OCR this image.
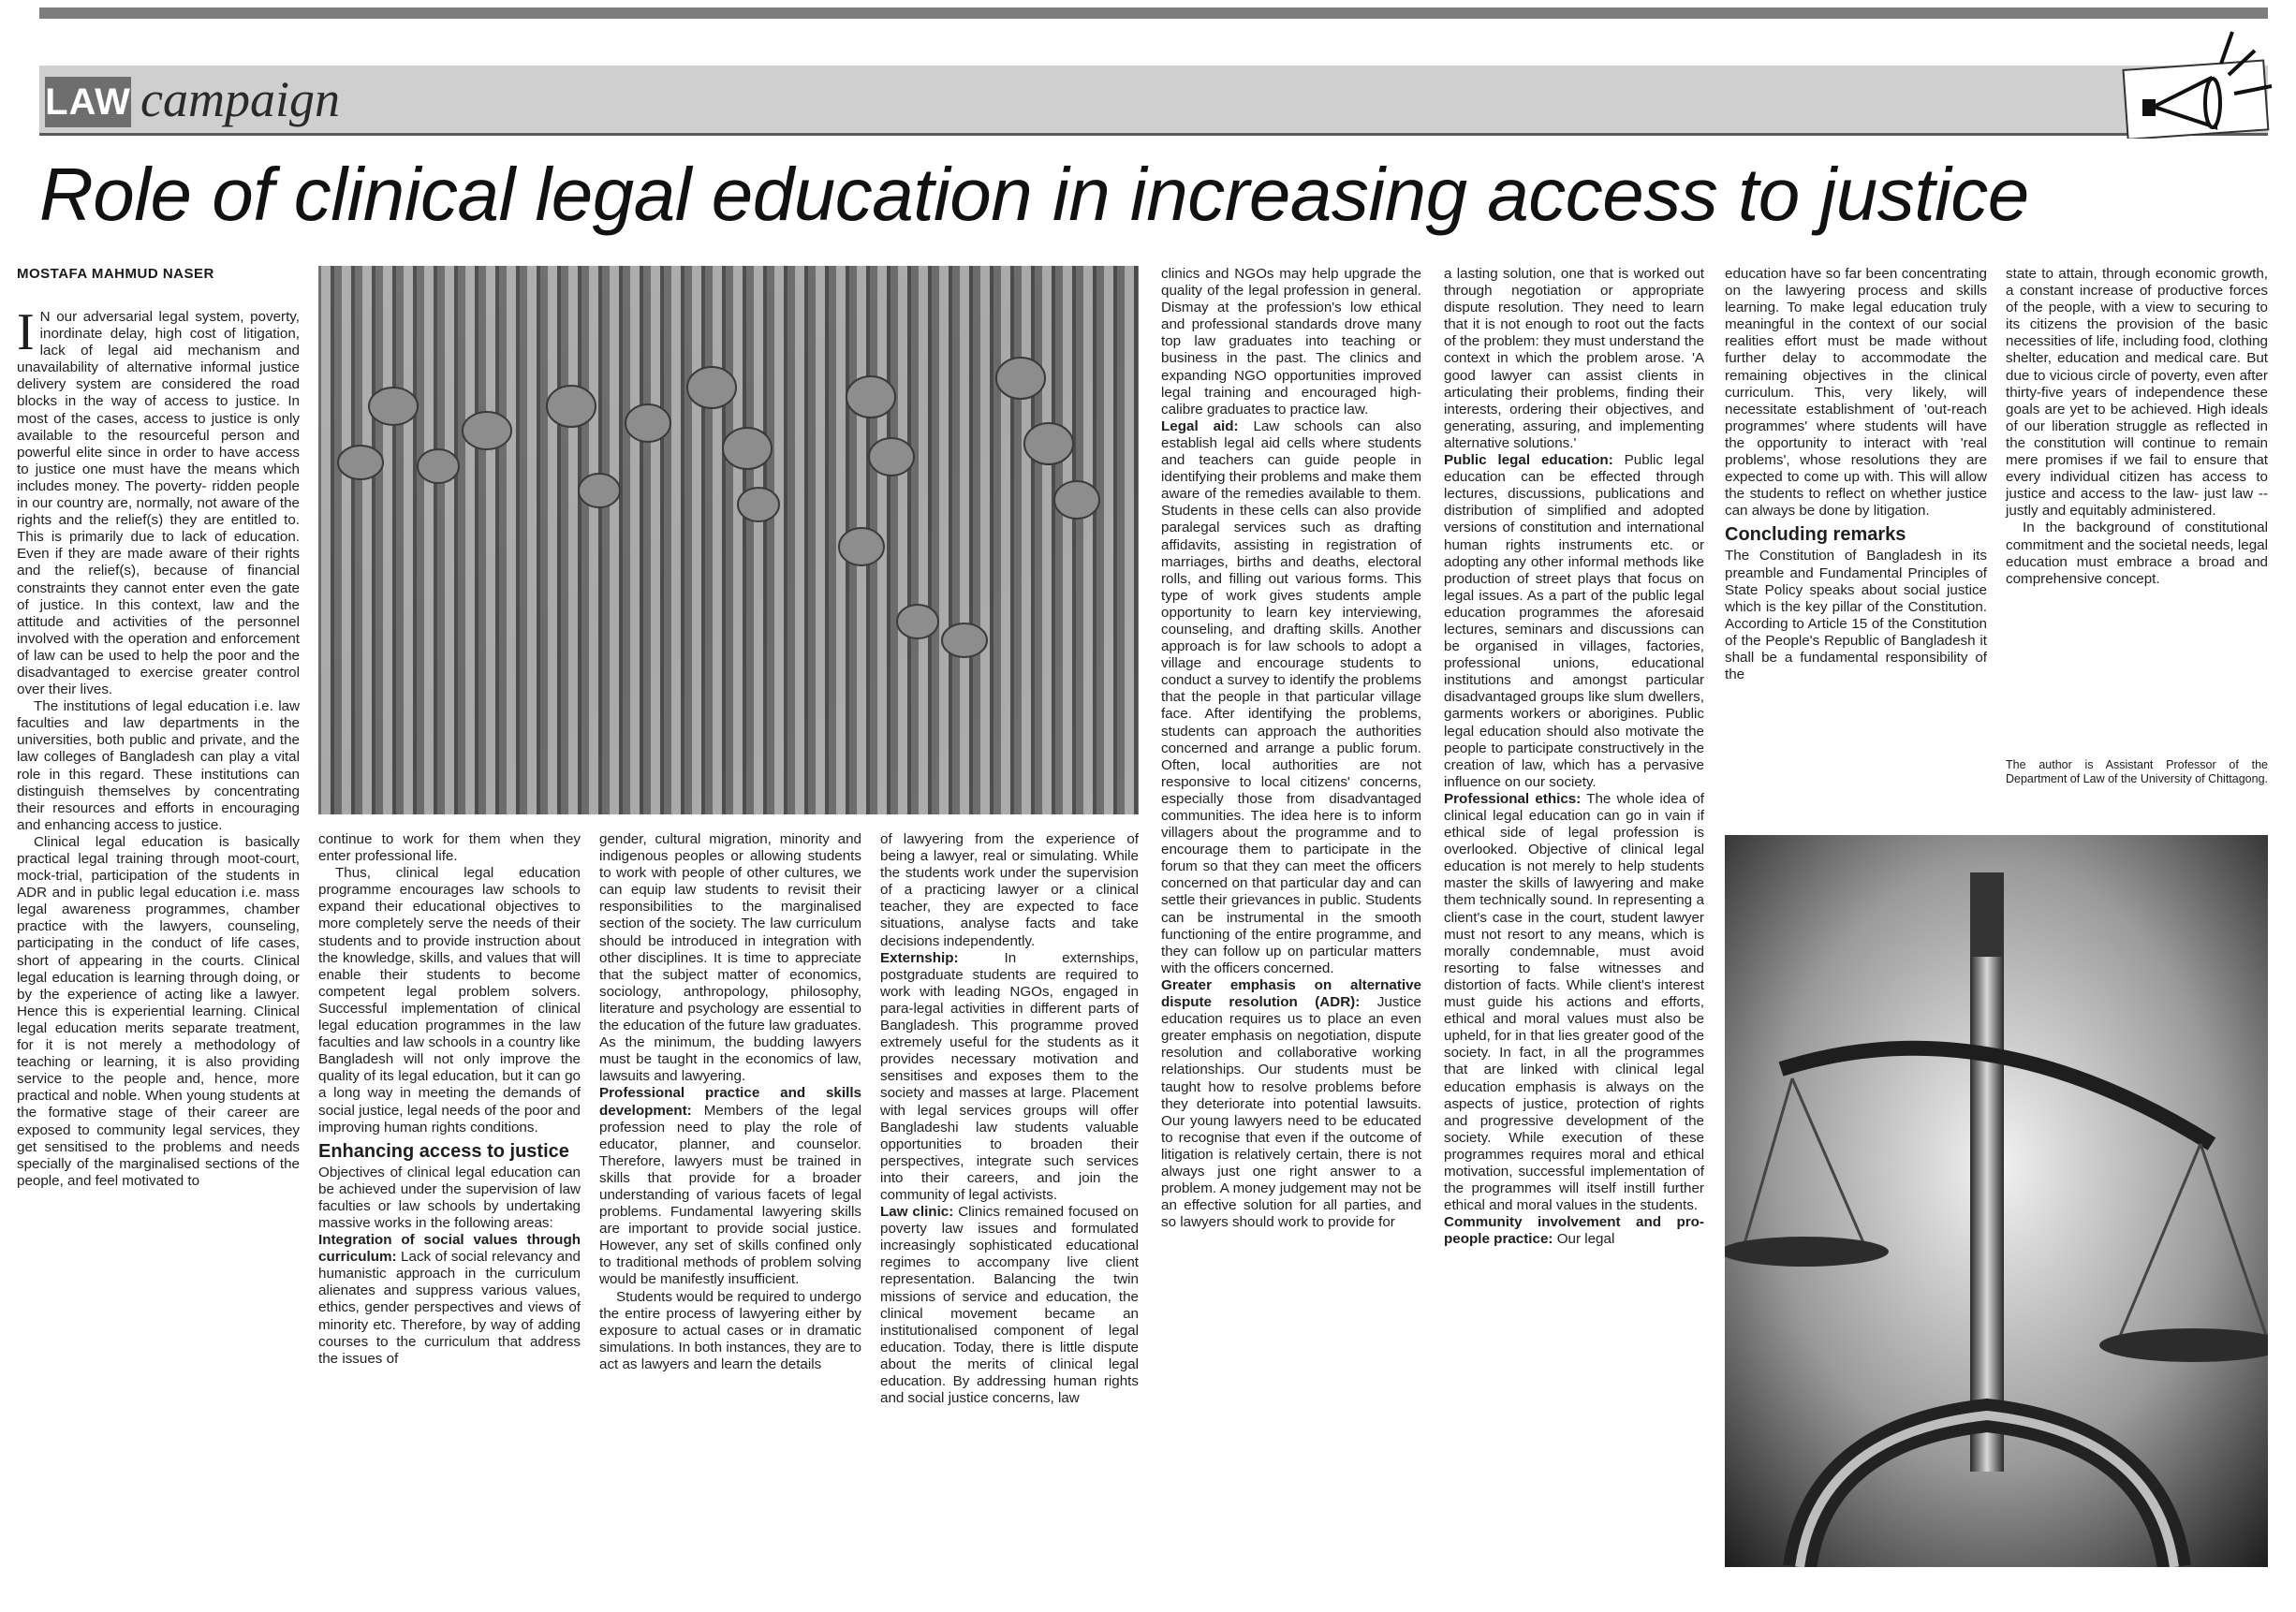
LAW campaign
Role of clinical legal education in increasing access to justice
MOSTAFA MAHMUD NASER

I N our adversarial legal system, poverty, inordinate delay, high cost of litigation, lack of legal aid mechanism and unavailability of alternative informal justice delivery system are considered the road blocks in the way of access to justice. In most of the cases, access to justice is only available to the resourceful person and powerful elite since in order to have access to justice one must have the means which includes money. The poverty- ridden people in our country are, normally, not aware of the rights and the relief(s) they are entitled to. This is primarily due to lack of education. Even if they are made aware of their rights and the relief(s), because of financial constraints they cannot enter even the gate of justice. In this context, law and the attitude and activities of the personnel involved with the operation and enforcement of law can be used to help the poor and the disadvantaged to exercise greater control over their lives.

The institutions of legal education i.e. law faculties and law departments in the universities, both public and private, and the law colleges of Bangladesh can play a vital role in this regard. These institutions can distinguish themselves by concentrating their resources and efforts in encouraging and enhancing access to justice.

Clinical legal education is basically practical legal training through moot-court, mock-trial, participation of the students in ADR and in public legal education i.e. mass legal awareness programmes, chamber practice with the lawyers, counseling, participating in the conduct of life cases, short of appearing in the courts. Clinical legal education is learning through doing, or by the experience of acting like a lawyer. Hence this is experiential learning. Clinical legal education merits separate treatment, for it is not merely a methodology of teaching or learning, it is also providing service to the people and, hence, more practical and noble. When young students at the formative stage of their career are exposed to community legal services, they get sensitised to the problems and needs specially of the marginalised sections of the people, and feel motivated to

continue to work for them when they enter professional life.

Thus, clinical legal education programme encourages law schools to expand their educational objectives to more completely serve the needs of their students and to provide instruction about the knowledge, skills, and values that will enable their students to become competent legal problem solvers. Successful implementation of clinical legal education programmes in the law faculties and law schools in a country like Bangladesh will not only improve the quality of its legal education, but it can go a long way in meeting the demands of social justice, legal needs of the poor and improving human rights conditions.

Enhancing access to justice

Objectives of clinical legal education can be achieved under the supervision of law faculties or law schools by undertaking massive works in the following areas:

Integration of social values through curriculum: Lack of social relevancy and humanistic approach in the curriculum alienates and suppress various values, ethics, gender perspectives and views of minority etc. Therefore, by way of adding courses to the curriculum that address the issues of

gender, cultural migration, minority and indigenous peoples or allowing students to work with people of other cultures, we can equip law students to revisit their responsibilities to the marginalised section of the society. The law curriculum should be introduced in integration with other disciplines. It is time to appreciate that the subject matter of economics, sociology, anthropology, philosophy, literature and psychology are essential to the education of the future law graduates. As the minimum, the budding lawyers must be taught in the economics of law, lawsuits and lawyering.

Professional practice and skills development: Members of the legal profession need to play the role of educator, planner, and counselor. Therefore, lawyers must be trained in skills that provide for a broader understanding of various facets of legal problems. Fundamental lawyering skills are important to provide social justice. However, any set of skills confined only to traditional methods of problem solving would be manifestly insufficient.

Students would be required to undergo the entire process of lawyering either by exposure to actual cases or in dramatic simulations. In both instances, they are to act as lawyers and learn the details

of lawyering from the experience of being a lawyer, real or simulating. While the students work under the supervision of a practicing lawyer or a clinical teacher, they are expected to face situations, analyse facts and take decisions independently.

Externship: In externships, postgraduate students are required to work with leading NGOs, engaged in para-legal activities in different parts of Bangladesh. This programme proved extremely useful for the students as it provides necessary motivation and sensitises and exposes them to the society and masses at large. Placement with legal services groups will offer Bangladeshi law students valuable opportunities to broaden their perspectives, integrate such services into their careers, and join the community of legal activists.

Law clinic: Clinics remained focused on poverty law issues and formulated increasingly sophisticated educational regimes to accompany live client representation. Balancing the twin missions of service and education, the clinical movement became an institutionalised component of legal education. Today, there is little dispute about the merits of clinical legal education. By addressing human rights and social justice concerns, law

clinics and NGOs may help upgrade the quality of the legal profession in general. Dismay at the profession's low ethical and professional standards drove many top law graduates into teaching or business in the past. The clinics and expanding NGO opportunities improved legal training and encouraged high-calibre graduates to practice law.

Legal aid: Law schools can also establish legal aid cells where students and teachers can guide people in identifying their problems and make them aware of the remedies available to them. Students in these cells can also provide paralegal services such as drafting affidavits, assisting in registration of marriages, births and deaths, electoral rolls, and filling out various forms. This type of work gives students ample opportunity to learn key interviewing, counseling, and drafting skills. Another approach is for law schools to adopt a village and encourage students to conduct a survey to identify the problems that the people in that particular village face. After identifying the problems, students can approach the authorities concerned and arrange a public forum. Often, local authorities are not responsive to local citizens' concerns, especially those from disadvantaged communities. The idea here is to inform villagers about the programme and to encourage them to participate in the forum so that they can meet the officers concerned on that particular day and can settle their grievances in public. Students can be instrumental in the smooth functioning of the entire programme, and they can follow up on particular matters with the officers concerned.

Greater emphasis on alternative dispute resolution (ADR): Justice education requires us to place an even greater emphasis on negotiation, dispute resolution and collaborative working relationships. Our students must be taught how to resolve problems before they deteriorate into potential lawsuits. Our young lawyers need to be educated to recognise that even if the outcome of litigation is relatively certain, there is not always just one right answer to a problem. A money judgement may not be an effective solution for all parties, and so lawyers should work to provide for

a lasting solution, one that is worked out through negotiation or appropriate dispute resolution. They need to learn that it is not enough to root out the facts of the problem: they must understand the context in which the problem arose. 'A good lawyer can assist clients in articulating their problems, finding their interests, ordering their objectives, and generating, assuring, and implementing alternative solutions.'

Public legal education: Public legal education can be effected through lectures, discussions, publications and distribution of simplified and adopted versions of constitution and international human rights instruments etc. or adopting any other informal methods like production of street plays that focus on legal issues. As a part of the public legal education programmes the aforesaid lectures, seminars and discussions can be organised in villages, factories, professional unions, educational institutions and amongst particular disadvantaged groups like slum dwellers, garments workers or aborigines. Public legal education should also motivate the people to participate constructively in the creation of law, which has a pervasive influence on our society.

Professional ethics: The whole idea of clinical legal education can go in vain if ethical side of legal profession is overlooked. Objective of clinical legal education is not merely to help students master the skills of lawyering and make them technically sound. In representing a client's case in the court, student lawyer must not resort to any means, which is morally condemnable, must avoid resorting to false witnesses and distortion of facts. While client's interest must guide his actions and efforts, ethical and moral values must also be upheld, for in that lies greater good of the society. In fact, in all the programmes that are linked with clinical legal education emphasis is always on the aspects of justice, protection of rights and progressive development of the society. While execution of these programmes requires moral and ethical motivation, successful implementation of the programmes will itself instill further ethical and moral values in the students.

Community involvement and pro-people practice: Our legal

education have so far been concentrating on the lawyering process and skills learning. To make legal education truly meaningful in the context of our social realities effort must be made without further delay to accommodate the remaining objectives in the clinical curriculum. This, very likely, will necessitate establishment of 'out-reach programmes' where students will have the opportunity to interact with 'real problems', whose resolutions they are expected to come up with. This will allow the students to reflect on whether justice can always be done by litigation.

Concluding remarks

The Constitution of Bangladesh in its preamble and Fundamental Principles of State Policy speaks about social justice which is the key pillar of the Constitution. According to Article 15 of the Constitution of the People's Republic of Bangladesh it shall be a fundamental responsibility of the

state to attain, through economic growth, a constant increase of productive forces of the people, with a view to securing to its citizens the provision of the basic necessities of life, including food, clothing shelter, education and medical care. But due to vicious circle of poverty, even after thirty-five years of independence these goals are yet to be achieved. High ideals of our liberation struggle as reflected in the constitution will continue to remain mere promises if we fail to ensure that every individual citizen has access to justice and access to the law- just law -- justly and equitably administered.

In the background of constitutional commitment and the societal needs, legal education must embrace a broad and comprehensive concept.

The author is Assistant Professor of the Department of Law of the University of Chittagong.
